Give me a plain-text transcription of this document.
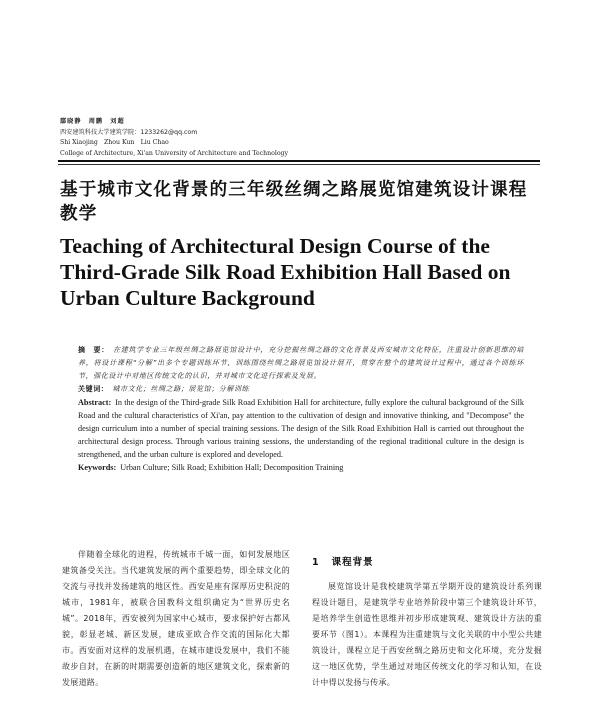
鄢晓静　周鹏　刘超
西安建筑科技大学建筑学院：1233262@qq.com
Shi Xiaojing　Zhou Kun　Liu Chao
College of Architecture, Xi'an University of Architecture and Technology
基于城市文化背景的三年级丝绸之路展览馆建筑设计课程教学
Teaching of Architectural Design Course of the Third-Grade Silk Road Exhibition Hall Based on Urban Culture Background

摘　要： 在建筑学专业三年级丝绸之路展览馆设计中，充分挖掘丝绸之路的文化背景及西安城市文化特征，注重设计创新思维的培养，将设计课程“分解”出多个专题训练环节，训练围绕丝绸之路展览馆设计展开，贯穿在整个的建筑设计过程中，通过各个训练环节，强化设计中对地区传统文化的认识，并对城市文化进行探索及发展。

关键词： 城市文化；丝绸之路；展览馆；分解训练

Abstract: In the design of the Third-grade Silk Road Exhibition Hall for architecture, fully explore the cultural background of the Silk Road and the cultural characteristics of Xi'an, pay attention to the cultivation of design and innovative thinking, and "Decompose" the design curriculum into a number of special training sessions. The design of the Silk Road Exhibition Hall is carried out throughout the architectural design process. Through various training sessions, the understanding of the regional traditional culture in the design is strengthened, and the urban culture is explored and developed.

Keywords: Urban Culture; Silk Road; Exhibition Hall; Decomposition Training

伴随着全球化的进程，传统城市千城一面，如何发展地区建筑备受关注。当代建筑发展的两个重要趋势，即全球文化的交流与寻找并发扬建筑的地区性。西安是座有深厚历史积淀的城市，1981年，被联合国教科文组织确定为“世界历史名城”。2018年，西安被列为国家中心城市，要求保护好古都风貌，彰显老城、新区发展，建成亚欧合作交流的国际化大都市。西安面对这样的发展机遇，在城市建设发展中，我们不能故步自封，在新的时期需要创造新的地区建筑文化，探索新的发展道路。

1 课程背景

展览馆设计是我校建筑学第五学期开设的建筑设计系列课程设计题目，是建筑学专业培养阶段中第三个建筑设计环节，是培养学生创造性思维并初步形成建筑观、建筑设计方法的重要环节（图1）。本课程为注重建筑与文化关联的中小型公共建筑设计，课程立足于西安丝绸之路历史和文化环境，充分发掘这一地区优势，学生通过对地区传统文化的学习和认知，在设计中得以发扬与传承。
